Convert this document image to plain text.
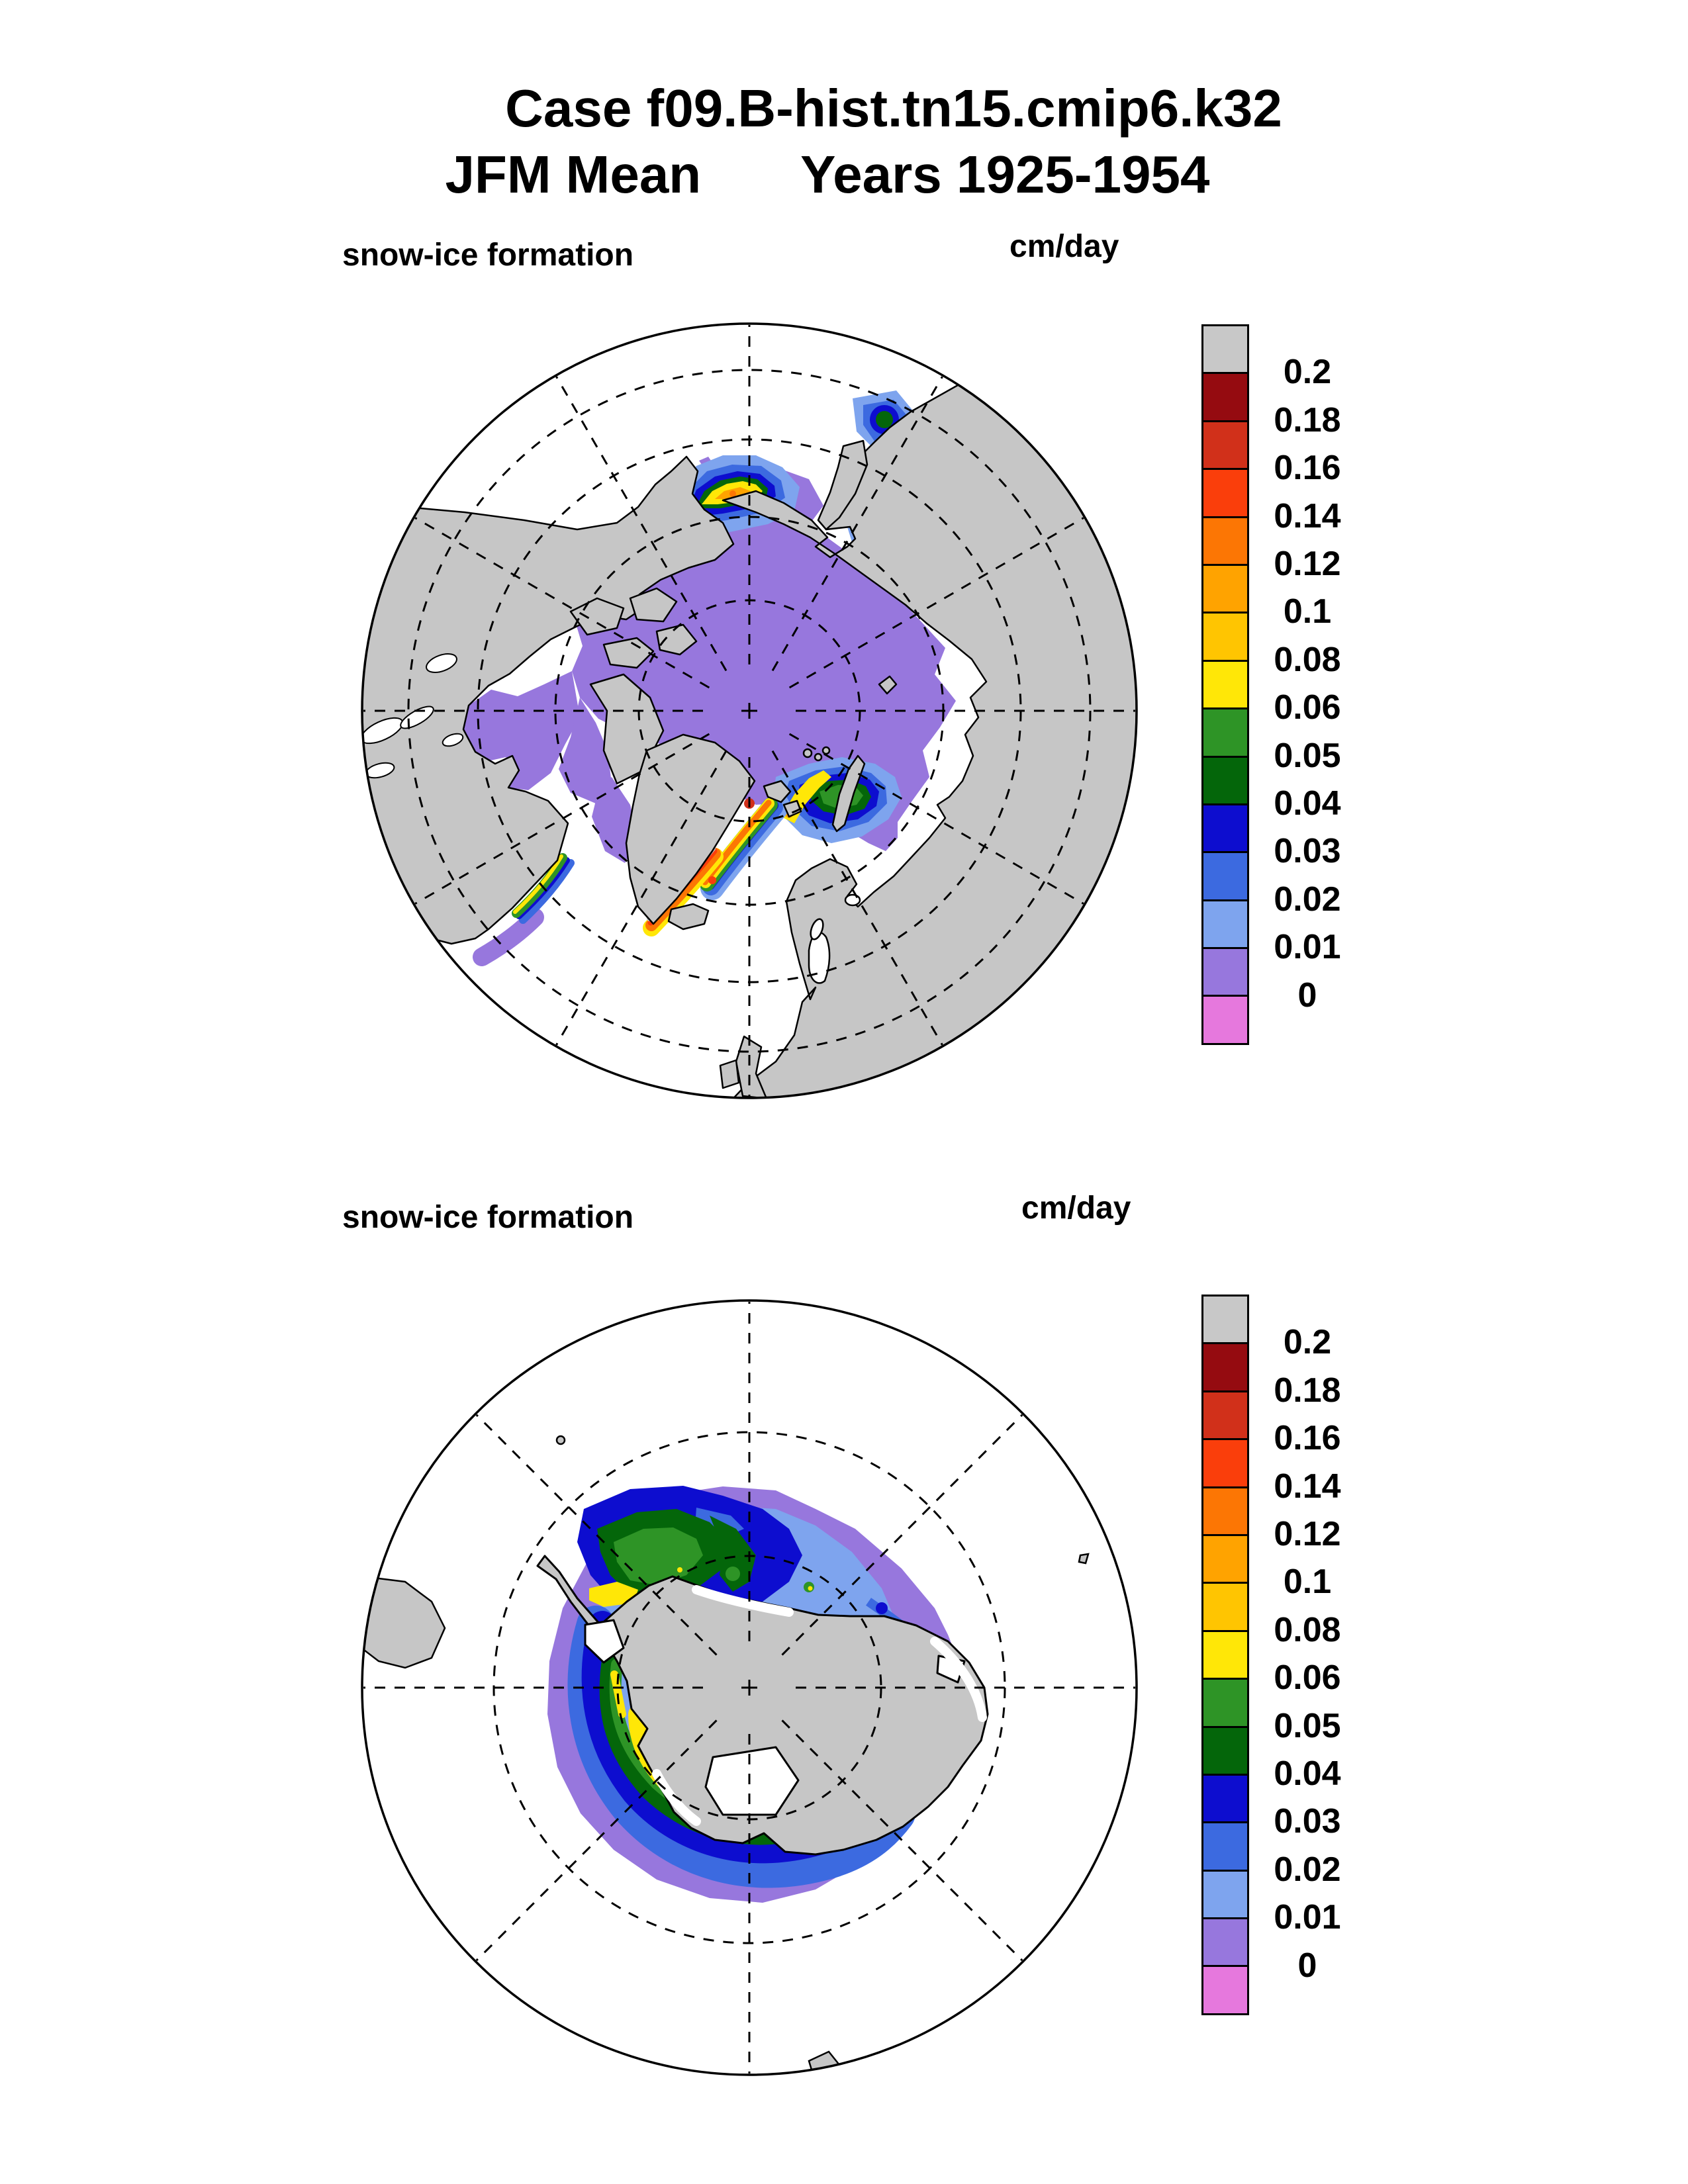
Case f09.B-hist.tn15.cmip6.k32
JFM Mean Years 1925-1954
snow-ice formation	cm/day
snow-ice formation	cm/day
0.2
0.18
0.16
0.14
0.12
0.1
0.08
0.06
0.05
0.04
0.03
0.02
0.01
0
0.2
0.18
0.16
0.14
0.12
0.1
0.08
0.06
0.05
0.04
0.03
0.02
0.01
0
